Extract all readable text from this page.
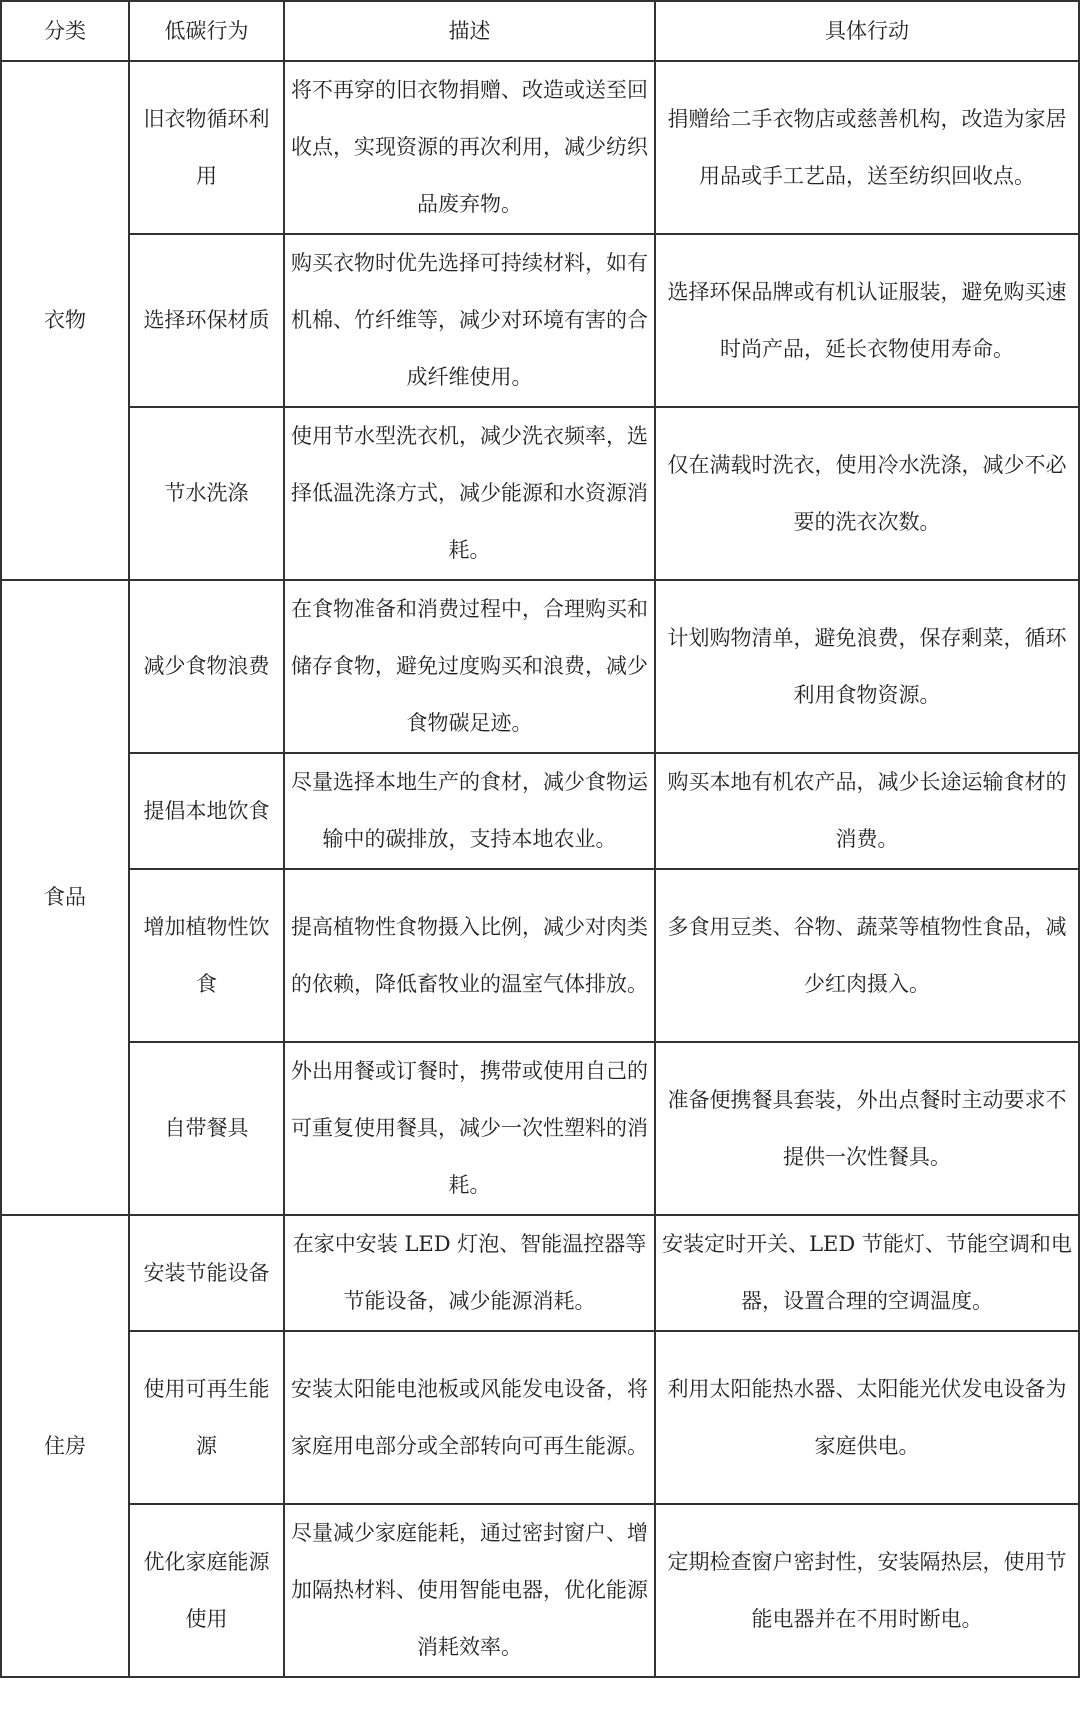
分类	低碳行为	描述	具体行动
衣物	旧衣物循环利用	将不再穿的旧衣物捐赠、改造或送至回收点，实现资源的再次利用，减少纺织品废弃物。	捐赠给二手衣物店或慈善机构，改造为家居用品或手工艺品，送至纺织回收点。
	选择环保材质	购买衣物时优先选择可持续材料，如有机棉、竹纤维等，减少对环境有害的合成纤维使用。	选择环保品牌或有机认证服装，避免购买速时尚产品，延长衣物使用寿命。
	节水洗涤	使用节水型洗衣机，减少洗衣频率，选择低温洗涤方式，减少能源和水资源消耗。	仅在满载时洗衣，使用冷水洗涤，减少不必要的洗衣次数。
食品	减少食物浪费	在食物准备和消费过程中，合理购买和储存食物，避免过度购买和浪费，减少食物碳足迹。	计划购物清单，避免浪费，保存剩菜，循环利用食物资源。
	提倡本地饮食	尽量选择本地生产的食材，减少食物运输中的碳排放，支持本地农业。	购买本地有机农产品，减少长途运输食材的消费。
	增加植物性饮食	提高植物性食物摄入比例，减少对肉类的依赖，降低畜牧业的温室气体排放。	多食用豆类、谷物、蔬菜等植物性食品，减少红肉摄入。
	自带餐具	外出用餐或订餐时，携带或使用自己的可重复使用餐具，减少一次性塑料的消耗。	准备便携餐具套装，外出点餐时主动要求不提供一次性餐具。
住房	安装节能设备	在家中安装 LED 灯泡、智能温控器等节能设备，减少能源消耗。	安装定时开关、LED 节能灯、节能空调和电器，设置合理的空调温度。
	使用可再生能源	安装太阳能电池板或风能发电设备，将家庭用电部分或全部转向可再生能源。	利用太阳能热水器、太阳能光伏发电设备为家庭供电。
	优化家庭能源使用	尽量减少家庭能耗，通过密封窗户、增加隔热材料、使用智能电器，优化能源消耗效率。	定期检查窗户密封性，安装隔热层，使用节能电器并在不用时断电。
